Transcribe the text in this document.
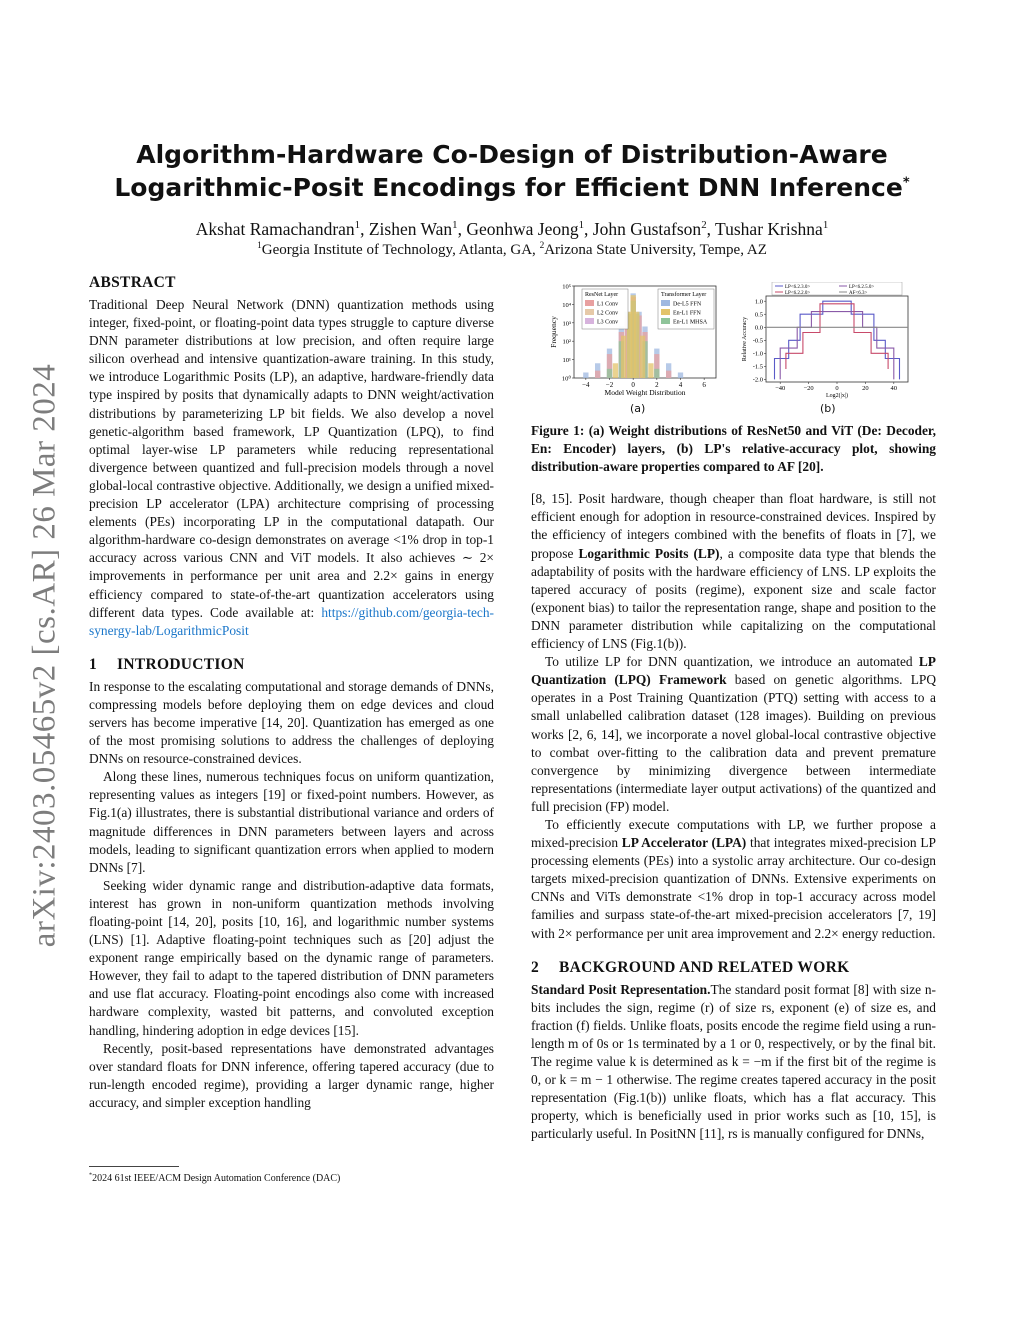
arXiv:2403.05465v2 [cs.AR] 26 Mar 2024
Algorithm-Hardware Co-Design of Distribution-Aware
Logarithmic-Posit Encodings for Efficient DNN Inference*
Akshat Ramachandran$^1$, Zishen Wan$^1$, Geonhwa Jeong$^1$, John Gustafson$^2$, Tushar Krishna$^1$
$^1$Georgia Institute of Technology, Atlanta, GA, $^2$Arizona State University, Tempe, AZ
ABSTRACT
Traditional Deep Neural Network (DNN) quantization methods using integer, fixed-point, or floating-point data types struggle to capture diverse DNN parameter distributions at low precision, and often require large silicon overhead and intensive quantization-aware training. In this study, we introduce Logarithmic Posits (LP), an adaptive, hardware-friendly data type inspired by posits that dynamically adapts to DNN weight/activation distributions by parameterizing LP bit fields. We also develop a novel genetic-algorithm based framework, LP Quantization (LPQ), to find optimal layer-wise LP parameters while reducing representational divergence between quantized and full-precision models through a novel global-local contrastive objective. Additionally, we design a unified mixed-precision LP accelerator (LPA) architecture comprising of processing elements (PEs) incorporating LP in the computational datapath. Our algorithm-hardware co-design demonstrates on average <1% drop in top-1 accuracy across various CNN and ViT models. It also achieves ∼ 2× improvements in performance per unit area and 2.2× gains in energy efficiency compared to state-of-the-art quantization accelerators using different data types. Code available at: https://github.com/georgia-tech-synergy-lab/LogarithmicPosit
1 INTRODUCTION
In response to the escalating computational and storage demands of DNNs, compressing models before deploying them on edge devices and cloud servers has become imperative [14, 20]. Quantization has emerged as one of the most promising solutions to address the challenges of deploying DNNs on resource-constrained devices.
Along these lines, numerous techniques focus on uniform quantization, representing values as integers [19] or fixed-point numbers. However, as Fig.1(a) illustrates, there is substantial distributional variance and orders of magnitude differences in DNN parameters between layers and across models, leading to significant quantization errors when applied to modern DNNs [7].
Seeking wider dynamic range and distribution-adaptive data formats, interest has grown in non-uniform quantization methods involving floating-point [14, 20], posits [10, 16], and logarithmic number systems (LNS) [1]. Adaptive floating-point techniques such as [20] adjust the exponent range empirically based on the dynamic range of parameters. However, they fail to adapt to the tapered distribution of DNN parameters and use flat accuracy. Floating-point encodings also come with increased hardware complexity, wasted bit patterns, and convoluted exception handling, hindering adoption in edge devices [15].
Recently, posit-based representations have demonstrated advantages over standard floats for DNN inference, offering tapered accuracy (due to run-length encoded regime), providing a larger dynamic range, higher accuracy, and simpler exception handling
*2024 61st IEEE/ACM Design Automation Conference (DAC)
10⁰
10¹
10²
10³
10⁴
10⁵
−4 −2	0	2	4	6
Model Weight Distribution
Frequency
ResNet Layer
L1 Conv
L2 Conv
L3 Conv
Transformer Layer
De-L5 FFN
En-L1 FFN
En-L1 MHSA
(a)
1.0
0.5
0.0
-0.5
-1.0
-1.5
-2.0
−40	−20	0	20	40
Log2(|x|)
Relative Accuracy
LP<6.2.3.0>	LP<6.2.5.0>
LP<6.2.2.0>	AF<6.3>
(b)
Figure 1: (a) Weight distributions of ResNet50 and ViT (De: Decoder, En: Encoder) layers, (b) LP's relative-accuracy plot, showing distribution-aware properties compared to AF [20].
[8, 15]. Posit hardware, though cheaper than float hardware, is still not efficient enough for adoption in resource-constrained devices. Inspired by the efficiency of integers combined with the benefits of floats in [7], we propose Logarithmic Posits (LP), a composite data type that blends the adaptability of posits with the hardware efficiency of LNS. LP exploits the tapered accuracy of posits (regime), exponent size and scale factor (exponent bias) to tailor the representation range, shape and position to the DNN parameter distribution while capitalizing on the computational efficiency of LNS (Fig.1(b)).
To utilize LP for DNN quantization, we introduce an automated LP Quantization (LPQ) Framework based on genetic algorithms. LPQ operates in a Post Training Quantization (PTQ) setting with access to a small unlabelled calibration dataset (128 images). Building on previous works [2, 6, 14], we incorporate a novel global-local contrastive objective to combat over-fitting to the calibration data and prevent premature convergence by minimizing divergence between intermediate representations (intermediate layer output activations) of the quantized and full precision (FP) model.
To efficiently execute computations with LP, we further propose a mixed-precision LP Accelerator (LPA) that integrates mixed-precision LP processing elements (PEs) into a systolic array architecture. Our co-design targets mixed-precision quantization of DNNs. Extensive experiments on CNNs and ViTs demonstrate <1% drop in top-1 accuracy across model families and surpass state-of-the-art mixed-precision accelerators [7, 19] with 2× performance per unit area improvement and 2.2× energy reduction.
2 BACKGROUND AND RELATED WORK
Standard Posit Representation.The standard posit format [8] with size n-bits includes the sign, regime (r) of size rs, exponent (e) of size es, and fraction (f) fields. Unlike floats, posits encode the regime field using a run-length m of 0s or 1s terminated by a 1 or 0, respectively, or by the final bit. The regime value k is determined as k = −m if the first bit of the regime is 0, or k = m − 1 otherwise. The regime creates tapered accuracy in the posit representation (Fig.1(b)) unlike floats, which has a flat accuracy. This property, which is beneficially used in prior works such as [10, 15], is particularly useful. In PositNN [11], rs is manually configured for DNNs,
